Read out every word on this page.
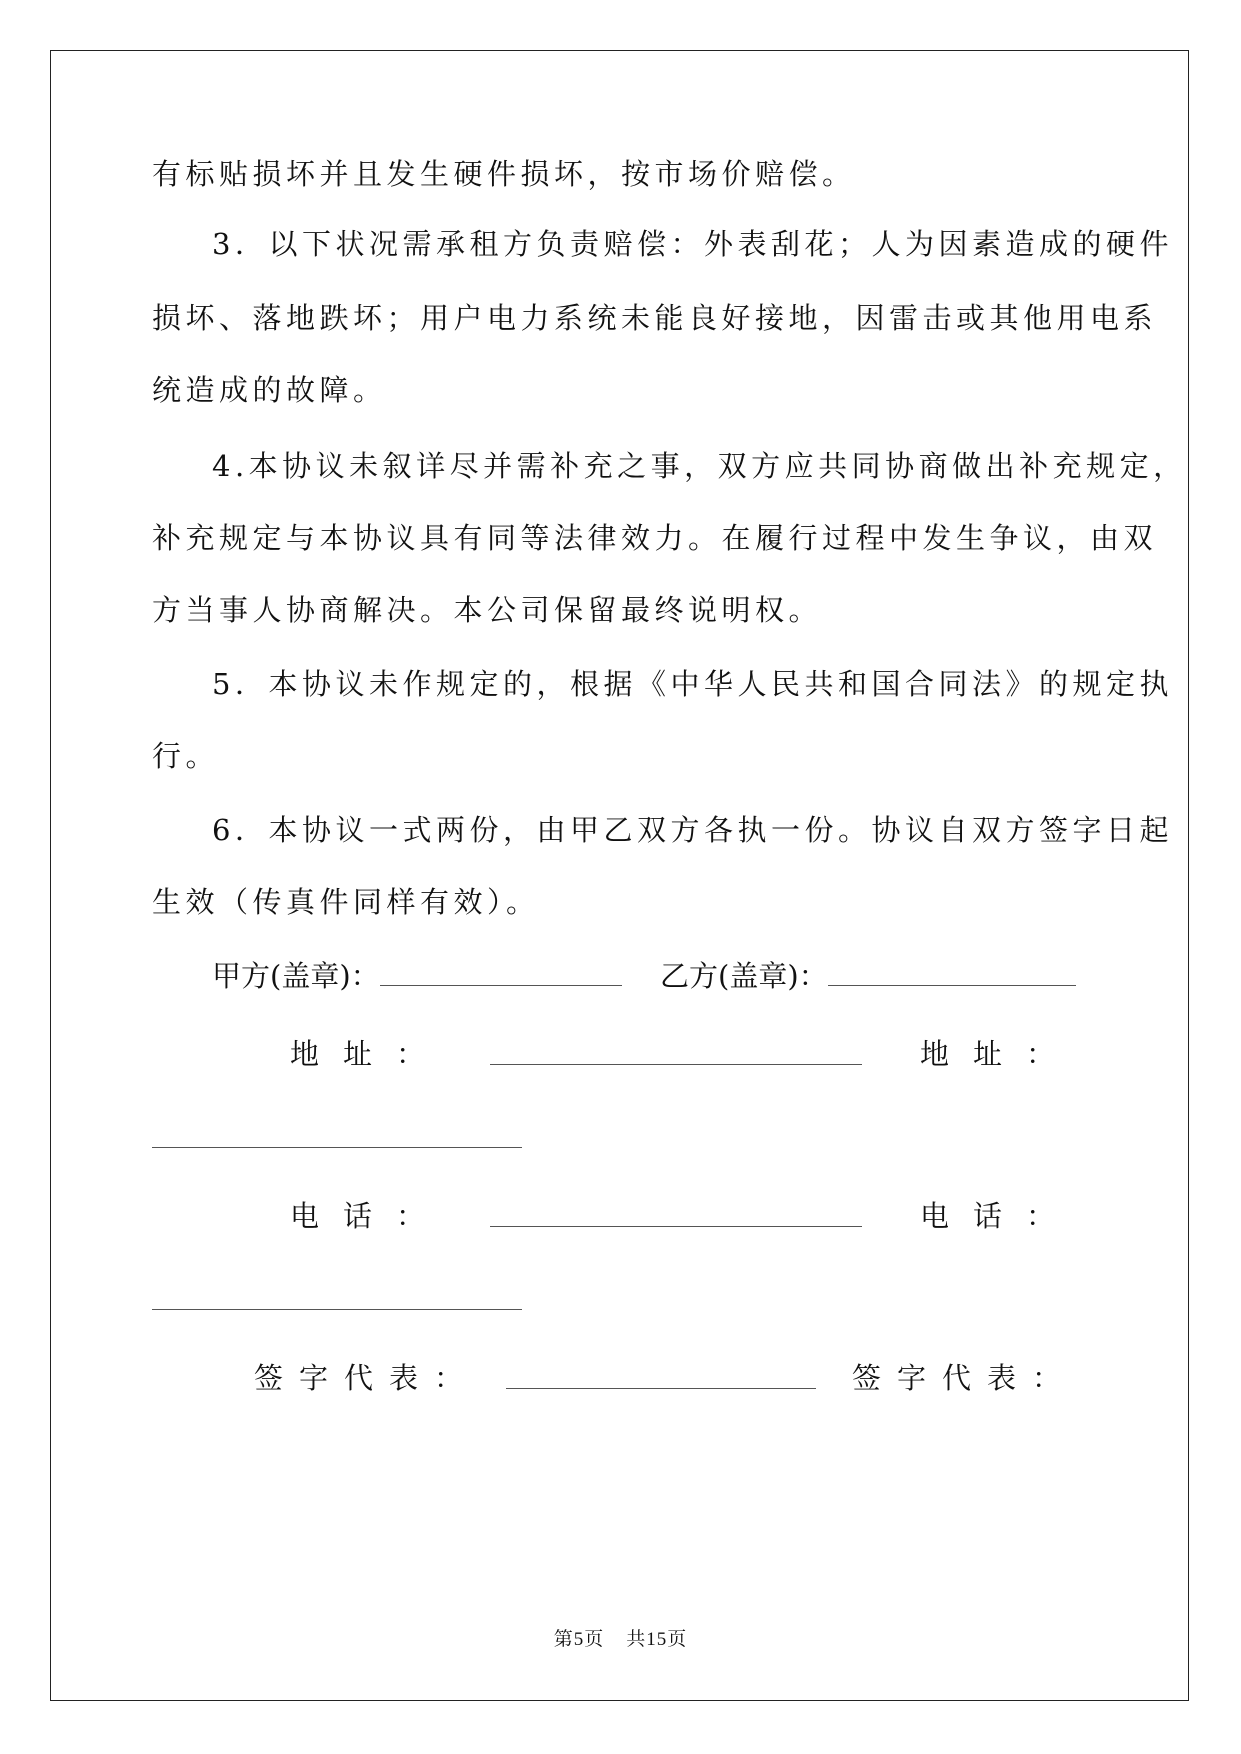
有标贴损坏并且发生硬件损坏，按市场价赔偿。
3．以下状况需承租方负责赔偿：外表刮花；人为因素造成的硬件
损坏、落地跌坏；用户电力系统未能良好接地，因雷击或其他用电系
统造成的故障。
4.本协议未叙详尽并需补充之事，双方应共同协商做出补充规定，
补充规定与本协议具有同等法律效力。在履行过程中发生争议，由双
方当事人协商解决。本公司保留最终说明权。
5．本协议未作规定的，根据《中华人民共和国合同法》的规定执
行。
6．本协议一式两份，由甲乙双方各执一份。协议自双方签字日起
生效（传真件同样有效）。
甲方(盖章)：	乙方(盖章)：
地址：	地址：
电话：	电话：
签字代表：	签字代表：
第5页 共15页
